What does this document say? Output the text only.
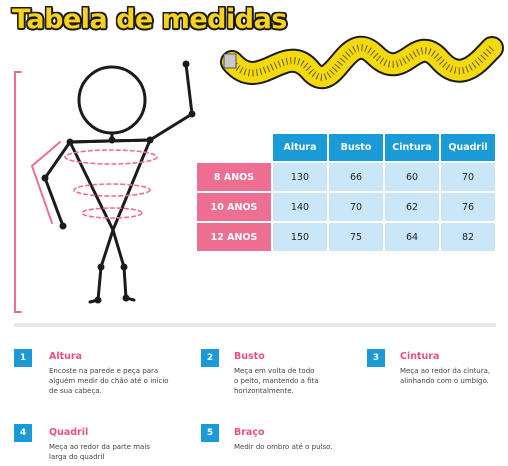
Tabela de medidas
	Altura	Busto	Cintura	Quadril
8 ANOS	130	66	60	70
10 ANOS	140	70	62	76
12 ANOS	150	75	64	82
1	Altura
Encoste na parede e peça para
alguém medir do chão até o início
de sua cabeça.
2	Busto
Meça em volta de todo
o peito, mantendo a fita
horizontalmente.
3	Cintura
Meça ao redor da cintura,
alinhando com o umbigo.
4	Quadril
Meça ao redor da parte mais
larga do quadril
5	Braço
Medir do ombro até o pulso.
